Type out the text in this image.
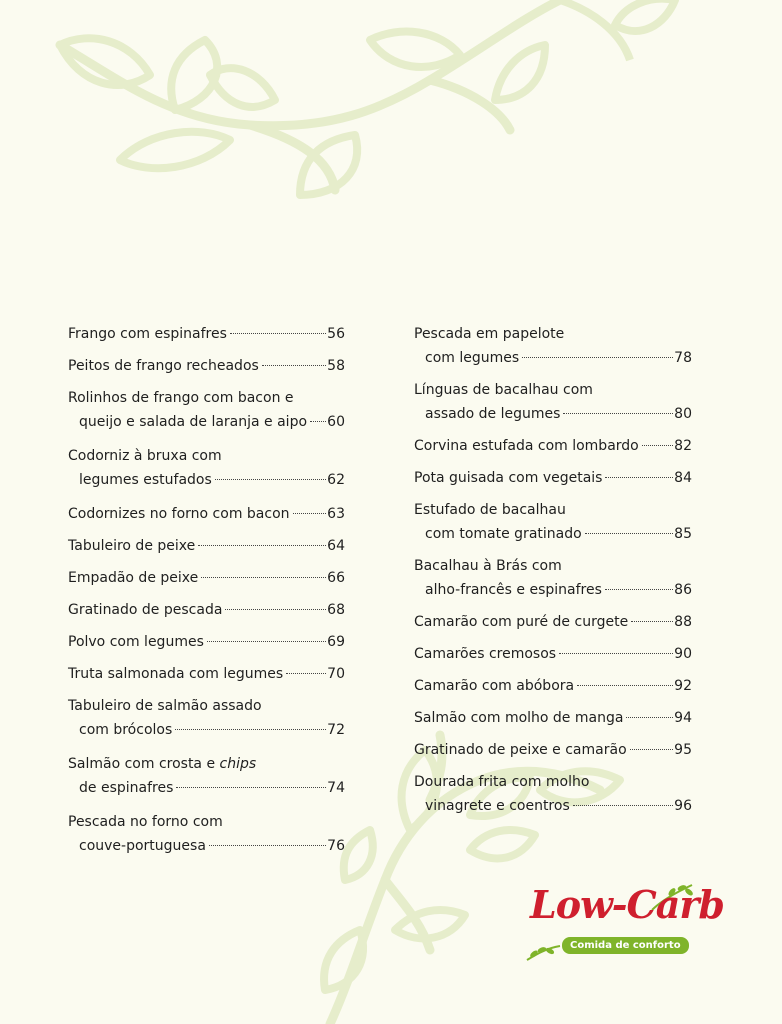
Frango com espinafres	56
Peitos de frango recheados	58
Rolinhos de frango com bacon e
queijo e salada de laranja e aipo 60
Codorniz à bruxa com
legumes estufados	62
Codornizes no forno com bacon	63
Tabuleiro de peixe	64
Empadão de peixe	66
Gratinado de pescada	68
Polvo com legumes	69
Truta salmonada com legumes	70
Tabuleiro de salmão assado
com brócolos	72
Salmão com crosta e chips
de espinafres	74
Pescada no forno com
couve-portuguesa	76
Pescada em papelote
com legumes	78
Línguas de bacalhau com
assado de legumes	80
Corvina estufada com lombardo	82
Pota guisada com vegetais	84
Estufado de bacalhau
com tomate gratinado	85
Bacalhau à Brás com
alho-francês e espinafres	86
Camarão com puré de curgete	88
Camarões cremosos	90
Camarão com abóbora	92
Salmão com molho de manga	94
Gratinado de peixe e camarão	95
Dourada frita com molho
vinagrete e coentros	96
Low-Carb
Comida de conforto
